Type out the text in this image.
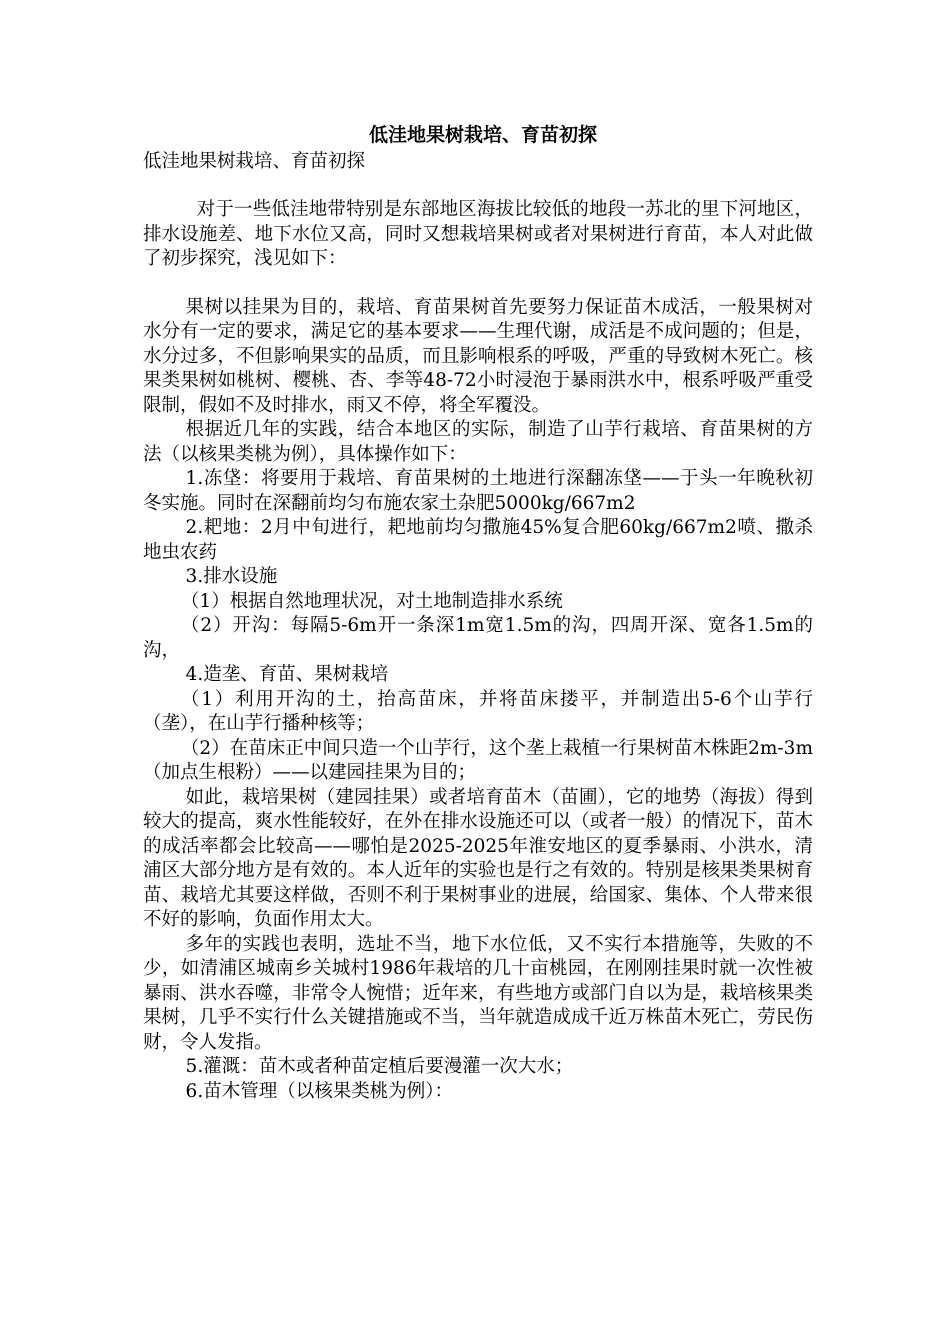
低洼地果树栽培、育苗初探

低洼地果树栽培、育苗初探

对于一些低洼地带特别是东部地区海拔比较低的地段一苏北的里下河地区，排水设施差、地下水位又高，同时又想栽培果树或者对果树进行育苗，本人对此做了初步探究，浅见如下：

果树以挂果为目的，栽培、育苗果树首先要努力保证苗木成活，一般果树对水分有一定的要求，满足它的基本要求——生理代谢，成活是不成问题的；但是，水分过多，不但影响果实的品质，而且影响根系的呼吸，严重的导致树木死亡。核果类果树如桃树、樱桃、杏、李等48-72小时浸泡于暴雨洪水中，根系呼吸严重受限制，假如不及时排水，雨又不停，将全军覆没。

根据近几年的实践，结合本地区的实际，制造了山芋行栽培、育苗果树的方法（以核果类桃为例），具体操作如下：

1.冻垡：将要用于栽培、育苗果树的土地进行深翻冻垡——于头一年晚秋初冬实施。同时在深翻前均匀布施农家土杂肥5000kg/667m2

2.耙地：2月中旬进行，耙地前均匀撒施45%复合肥60kg/667m2喷、撒杀地虫农药

3.排水设施

（1）根据自然地理状况，对土地制造排水系统

（2）开沟：每隔5-6m开一条深1m宽1.5m的沟，四周开深、宽各1.5m的沟，

4.造垄、育苗、果树栽培

（1）利用开沟的土，抬高苗床，并将苗床搂平，并制造出5-6个山芋行（垄），在山芋行播种核等；

（2）在苗床正中间只造一个山芋行，这个垄上栽植一行果树苗木株距2m-3m（加点生根粉）——以建园挂果为目的；

如此，栽培果树（建园挂果）或者培育苗木（苗圃），它的地势（海拔）得到较大的提高，爽水性能较好，在外在排水设施还可以（或者一般）的情况下，苗木的成活率都会比较高——哪怕是2025-2025年淮安地区的夏季暴雨、小洪水，清浦区大部分地方是有效的。本人近年的实验也是行之有效的。特别是核果类果树育苗、栽培尤其要这样做，否则不利于果树事业的进展，给国家、集体、个人带来很不好的影响，负面作用太大。

多年的实践也表明，选址不当，地下水位低，又不实行本措施等，失败的不少，如清浦区城南乡关城村1986年栽培的几十亩桃园，在刚刚挂果时就一次性被暴雨、洪水吞噬，非常令人惋惜；近年来，有些地方或部门自以为是，栽培核果类果树，几乎不实行什么关键措施或不当，当年就造成成千近万株苗木死亡，劳民伤财，令人发指。

5.灌溉：苗木或者种苗定植后要漫灌一次大水；

6.苗木管理（以核果类桃为例）：
